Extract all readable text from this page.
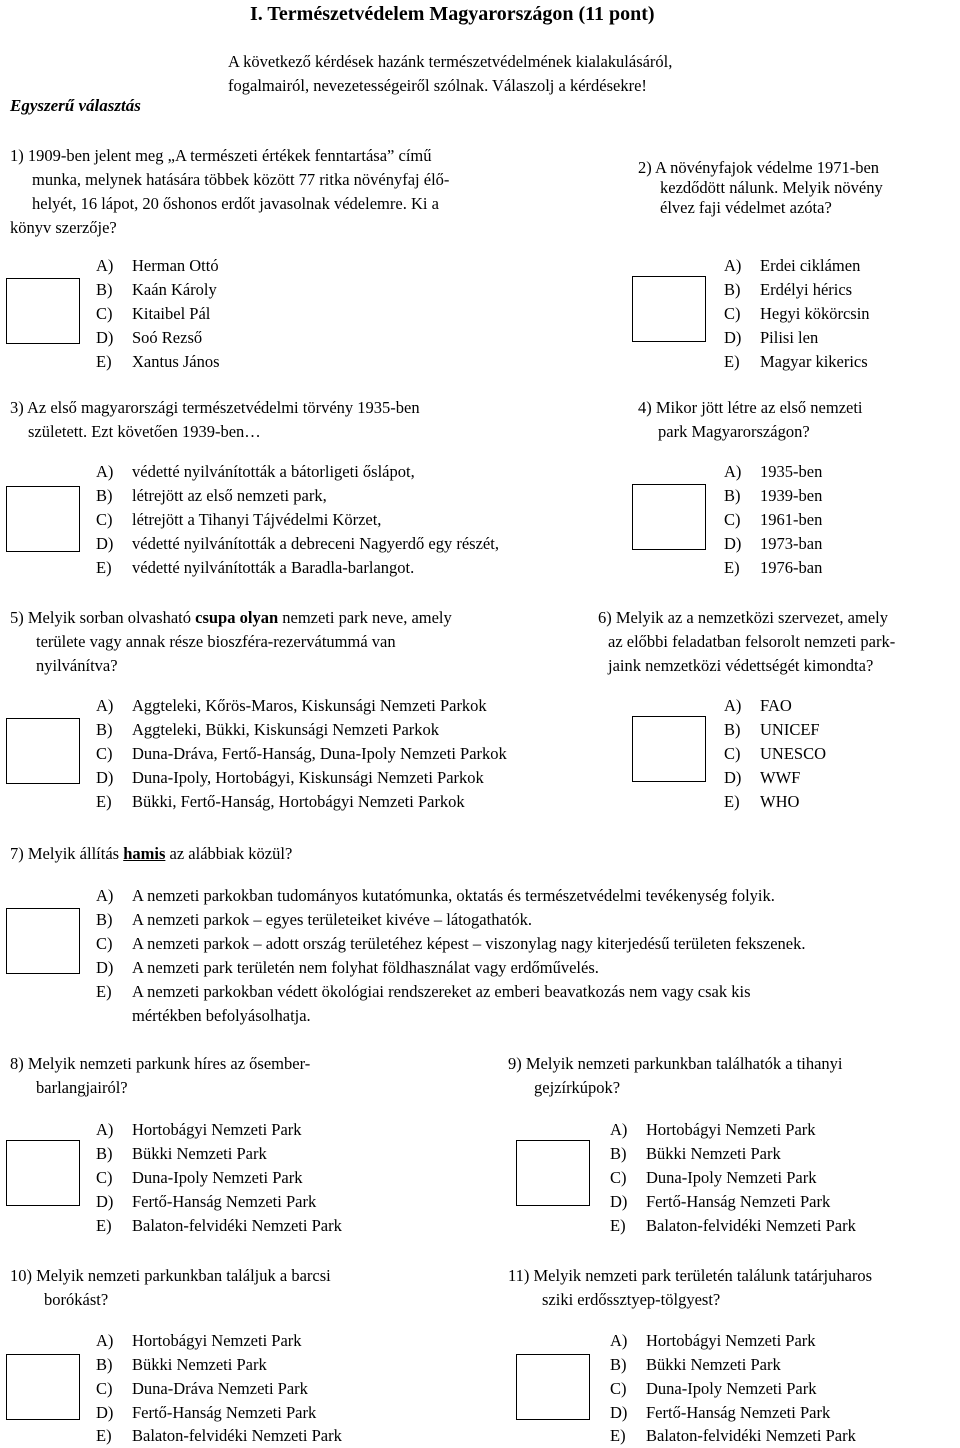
I. Természetvédelem Magyarországon (11 pont)
A következő kérdések hazánk természetvédelmének kialakulásáról,
fogalmairól, nevezetességeiről szólnak. Válaszolj a kérdésekre!
Egyszerű választás
1) 1909-ben jelent meg „A természeti értékek fenntartása” című
munka, melynek hatására többek között 77 ritka növényfaj élő-
helyét, 16 lápot, 20 őshonos erdőt javasolnak védelemre. Ki a
könyv szerzője?
A) Herman Ottó
B) Kaán Károly
C) Kitaibel Pál
D) Soó Rezső
E) Xantus János
2) A növényfajok védelme 1971-ben
kezdődött nálunk. Melyik növény
élvez faji védelmet azóta?
A) Erdei ciklámen
B) Erdélyi hérics
C) Hegyi kökörcsin
D) Pilisi len
E) Magyar kikerics
3) Az első magyarországi természetvédelmi törvény 1935-ben
született. Ezt követően 1939-ben…
A) védetté nyilvánították a bátorligeti őslápot,
B) létrejött az első nemzeti park,
C) létrejött a Tihanyi Tájvédelmi Körzet,
D) védetté nyilvánították a debreceni Nagyerdő egy részét,
E) védetté nyilvánították a Baradla-barlangot.
4) Mikor jött létre az első nemzeti
park Magyarországon?
A) 1935-ben
B) 1939-ben
C) 1961-ben
D) 1973-ban
E) 1976-ban
5) Melyik sorban olvasható csupa olyan nemzeti park neve, amely
területe vagy annak része bioszféra-rezervátummá van
nyilvánítva?
A) Aggteleki, Kőrös-Maros, Kiskunsági Nemzeti Parkok
B) Aggteleki, Bükki, Kiskunsági Nemzeti Parkok
C) Duna-Dráva, Fertő-Hanság, Duna-Ipoly Nemzeti Parkok
D) Duna-Ipoly, Hortobágyi, Kiskunsági Nemzeti Parkok
E) Bükki, Fertő-Hanság, Hortobágyi Nemzeti Parkok
6) Melyik az a nemzetközi szervezet, amely
az előbbi feladatban felsorolt nemzeti park-
jaink nemzetközi védettségét kimondta?
A) FAO
B) UNICEF
C) UNESCO
D) WWF
E) WHO
7) Melyik állítás hamis az alábbiak közül?
A) A nemzeti parkokban tudományos kutatómunka, oktatás és természetvédelmi tevékenység folyik.
B) A nemzeti parkok – egyes területeiket kivéve – látogathatók.
C) A nemzeti parkok – adott ország területéhez képest – viszonylag nagy kiterjedésű területen fekszenek.
D) A nemzeti park területén nem folyhat földhasználat vagy erdőművelés.
E) A nemzeti parkokban védett ökológiai rendszereket az emberi beavatkozás nem vagy csak kis
mértékben befolyásolhatja.
8) Melyik nemzeti parkunk híres az ősember-
barlangjairól?
A) Hortobágyi Nemzeti Park
B) Bükki Nemzeti Park
C) Duna-Ipoly Nemzeti Park
D) Fertő-Hanság Nemzeti Park
E) Balaton-felvidéki Nemzeti Park
9) Melyik nemzeti parkunkban találhatók a tihanyi
gejzírkúpok?
A) Hortobágyi Nemzeti Park
B) Bükki Nemzeti Park
C) Duna-Ipoly Nemzeti Park
D) Fertő-Hanság Nemzeti Park
E) Balaton-felvidéki Nemzeti Park
10) Melyik nemzeti parkunkban találjuk a barcsi
borókást?
A) Hortobágyi Nemzeti Park
B) Bükki Nemzeti Park
C) Duna-Dráva Nemzeti Park
D) Fertő-Hanság Nemzeti Park
E) Balaton-felvidéki Nemzeti Park
11) Melyik nemzeti park területén találunk tatárjuharos
sziki erdőssztyep-tölgyest?
A) Hortobágyi Nemzeti Park
B) Bükki Nemzeti Park
C) Duna-Ipoly Nemzeti Park
D) Fertő-Hanság Nemzeti Park
E) Balaton-felvidéki Nemzeti Park
